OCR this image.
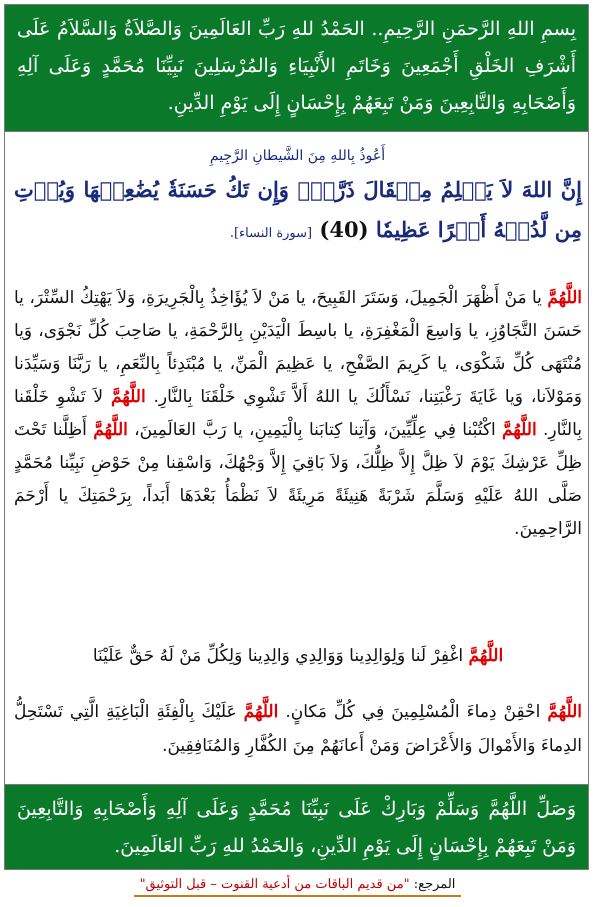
بِسمِ اللهِ الرَّحمَنِ الرَّحِيمِ.. الحَمْدُ للهِ رَبِّ العَالَمِينَ وَالصَّلاَةُ وَالسَّلاَمُ عَلَى أَشْرَفِ الخَلْقِ أَجْمَعِينَ وَخَاتَمِ الأَنْبِيَاءِ وَالمُرْسَلِينَ نَبِيِّنَا مُحَمَّدٍ وَعَلَى آلِهِ وَأَصْحَابِهِ وَالتَّابِعِينَ وَمَنْ تَبِعَهُمْ بِإِحْسَانٍ إِلَى يَوْمِ الدِّينِ.
أَعُوذُ بِاللهِ مِنَ الشَّيطانِ الرَّجِيمِ
إِنَّ اللهَ لاَ يَظۡلِمُ مِثۡقَالَ ذَرَّةٖۖ وَإِن تَكُ حَسَنَةٗ يُضَٰعِفۡهَا وَيُؤۡتِ مِن لَّدُنۡهُ أَجۡرًا عَظِيمٗا (40) [سورة النساء].
اللَّهُمَّ يا مَنْ أَظْهَرَ الْجَمِيلَ، وَسَتَرَ القَبِيحَ، يا مَنْ لاَ يُؤَاخِذُ بِالْجَرِيرَةِ، وَلاَ يَهْتِكُ السِّتْرَ، يا حَسَنَ التَّجَاوُزِ، يا وَاسِعَ الْمَغْفِرَةِ، يا باسِطَ الْيَدَيْنِ بِالرَّحْمَةِ، يا صَاحِبَ كُلِّ نَجْوَى، وَيا مُنْتَهَى كُلِّ شَكْوَى، يا كَرِيمَ الصَّفْحِ، يا عَظِيمَ الْمَنِّ، يا مُبْتَدِئاً بِالنِّعَمِ، يا رَبَّنَا وَسَيِّدَنا وَمَوْلاَنا، وَيا غَايَةَ رَغْبَتِنا، نَسْأَلُكَ يا اللهُ أَلاَّ تَشْوِي خَلْقَنَا بِالنَّارِ. اللَّهُمَّ لاَ تَشْوِ خَلْقَنا بِالنَّارِ. اللَّهُمَّ اكْتُبْنا فِي عِلِّيِّينَ، وَآتِنا كِتابَنا بِالْيَمِينِ، يا رَبَّ العَالَمِينَ، اللَّهُمَّ أَظِلَّنا تَحْتَ ظِلِّ عَرْشِكَ يَوْمَ لاَ ظِلَّ إِلاَّ ظِلُّكَ، وَلاَ بَاقِيَ إِلاَّ وَجْهُكَ، وَاسْقِنا مِنْ حَوْضِ نَبِيِّنا مُحَمَّدٍ صَلَّى اللهُ عَلَيْهِ وَسَلَّمَ شَرْبَةً هَنِيئَةً مَرِيئَةً لاَ نَظْمَأُ بَعْدَهَا أَبَداً، بِرَحْمَتِكَ يا أَرْحَمَ الرَّاحِمِينَ.
اللَّهُمَّ اغْفِرْ لَنا وَلِوَالِدِينا وَوَالِدِي وَالِدِينا وَلِكُلِّ مَنْ لَهُ حَقٌّ عَلَيْنَا
اللَّهُمَّ احْقِنْ دِماءَ الْمُسْلِمِينَ فِي كُلِّ مَكانٍ. اللَّهُمَّ عَلَيْكَ بِالْفِئَةِ الْبَاغِيَةِ الَّتِي تَسْتَحِلُّ الدِماءَ وَالأَمْوالَ وَالأَعْرَاضَ وَمَنْ أَعانَهُمْ مِنَ الكُفَّارِ وَالمُنَافِقِينَ.
وَصَلِّ اللَّهُمَّ وَسَلِّمْ وَبَارِكْ عَلَى نَبِيِّنَا مُحَمَّدٍ وَعَلَى آلِهِ وَأَصْحَابِهِ وَالتَّابِعِينَ وَمَنْ تَبِعَهُمْ بِإِحْسَانٍ إِلَى يَوْمِ الدِّينِ، وَالحَمْدُ للهِ رَبِّ العَالَمِينَ.
المرجع: "من قديم الباقات من أدعية القنوت – قبل التوثيق"
